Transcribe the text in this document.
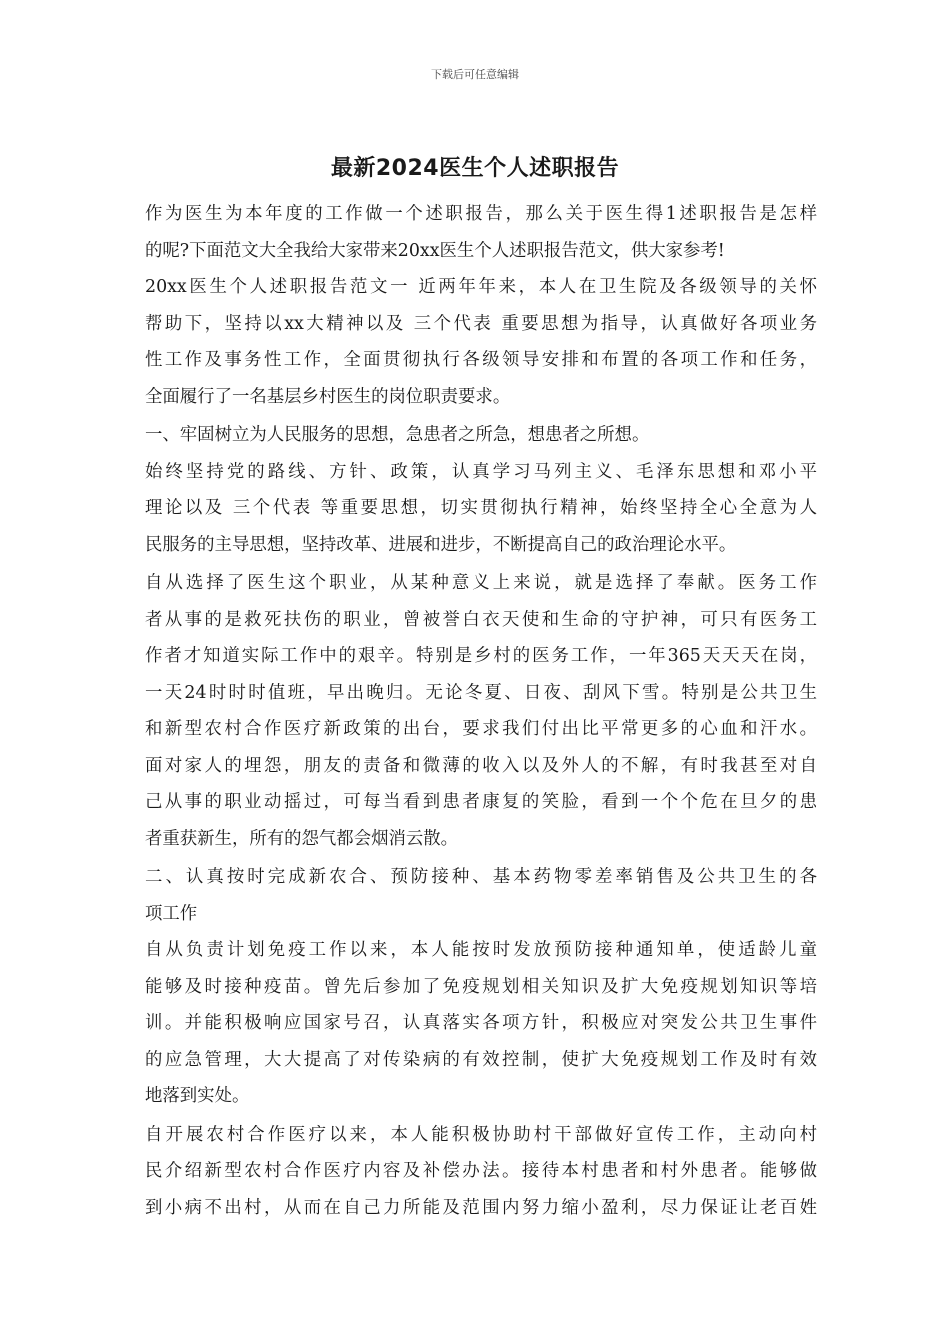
下载后可任意编辑
最新2024医生个人述职报告
作为医生为本年度的工作做一个述职报告，那么关于医生得1述职报告是怎样
的呢?下面范文大全我给大家带来20xx医生个人述职报告范文，供大家参考!
20xx医生个人述职报告范文一 近两年年来，本人在卫生院及各级领导的关怀
帮助下，坚持以xx大精神以及 三个代表 重要思想为指导，认真做好各项业务
性工作及事务性工作，全面贯彻执行各级领导安排和布置的各项工作和任务，
全面履行了一名基层乡村医生的岗位职责要求。
一、牢固树立为人民服务的思想，急患者之所急，想患者之所想。
始终坚持党的路线、方针、政策，认真学习马列主义、毛泽东思想和邓小平
理论以及 三个代表 等重要思想，切实贯彻执行精神，始终坚持全心全意为人
民服务的主导思想，坚持改革、进展和进步，不断提高自己的政治理论水平。
自从选择了医生这个职业，从某种意义上来说，就是选择了奉献。医务工作
者从事的是救死扶伤的职业，曾被誉白衣天使和生命的守护神，可只有医务工
作者才知道实际工作中的艰辛。特别是乡村的医务工作，一年365天天天在岗，
一天24时时时值班，早出晚归。无论冬夏、日夜、刮风下雪。特别是公共卫生
和新型农村合作医疗新政策的出台，要求我们付出比平常更多的心血和汗水。
面对家人的埋怨，朋友的责备和微薄的收入以及外人的不解，有时我甚至对自
己从事的职业动摇过，可每当看到患者康复的笑脸，看到一个个危在旦夕的患
者重获新生，所有的怨气都会烟消云散。
二、认真按时完成新农合、预防接种、基本药物零差率销售及公共卫生的各
项工作
自从负责计划免疫工作以来，本人能按时发放预防接种通知单，使适龄儿童
能够及时接种疫苗。曾先后参加了免疫规划相关知识及扩大免疫规划知识等培
训。并能积极响应国家号召，认真落实各项方针，积极应对突发公共卫生事件
的应急管理，大大提高了对传染病的有效控制，使扩大免疫规划工作及时有效
地落到实处。
自开展农村合作医疗以来，本人能积极协助村干部做好宣传工作，主动向村
民介绍新型农村合作医疗内容及补偿办法。接待本村患者和村外患者。能够做
到小病不出村，从而在自己力所能及范围内努力缩小盈利，尽力保证让老百姓
